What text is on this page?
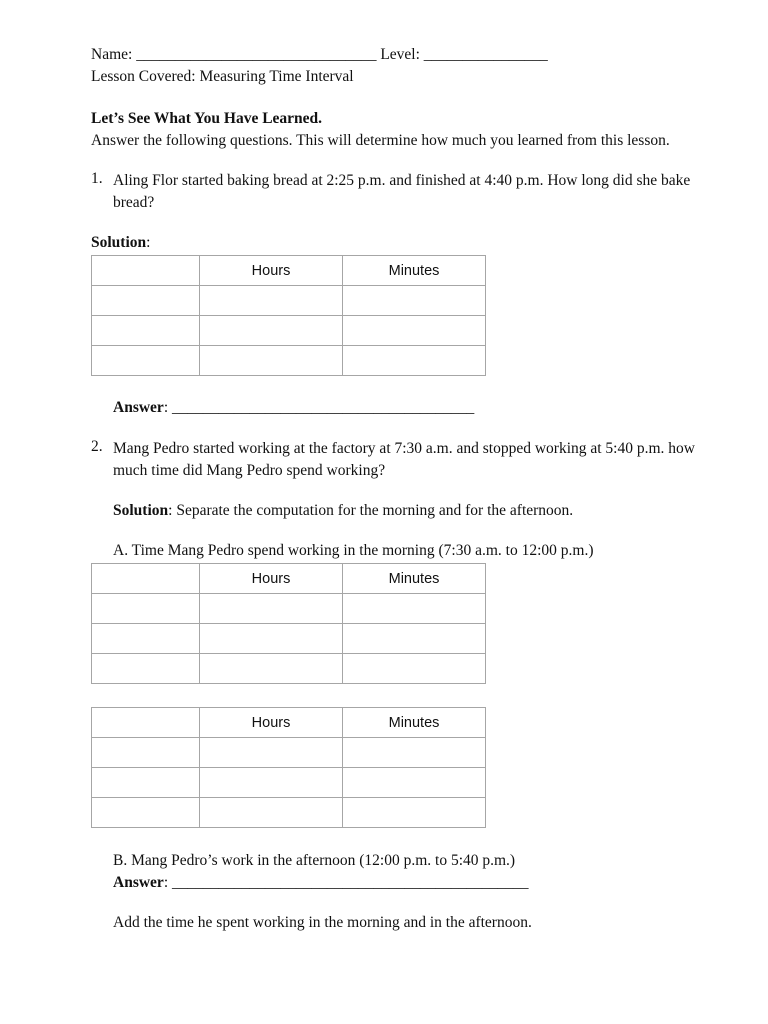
Name: _______________________________ Level: ________________
Lesson Covered: Measuring Time Interval
Let’s See What You Have Learned.
Answer the following questions. This will determine how much you learned from this lesson.
1. Aling Flor started baking bread at 2:25 p.m. and finished at 4:40 p.m. How long did she bake bread?
Solution:
	Hours	Minutes

Answer: _______________________________________
2. Mang Pedro started working at the factory at 7:30 a.m. and stopped working at 5:40 p.m. how much time did Mang Pedro spend working?
Solution: Separate the computation for the morning and for the afternoon.
A. Time Mang Pedro spend working in the morning (7:30 a.m. to 12:00 p.m.)
	Hours	Minutes

	Hours	Minutes

B. Mang Pedro’s work in the afternoon (12:00 p.m. to 5:40 p.m.)
Answer: ______________________________________________
Add the time he spent working in the morning and in the afternoon.
